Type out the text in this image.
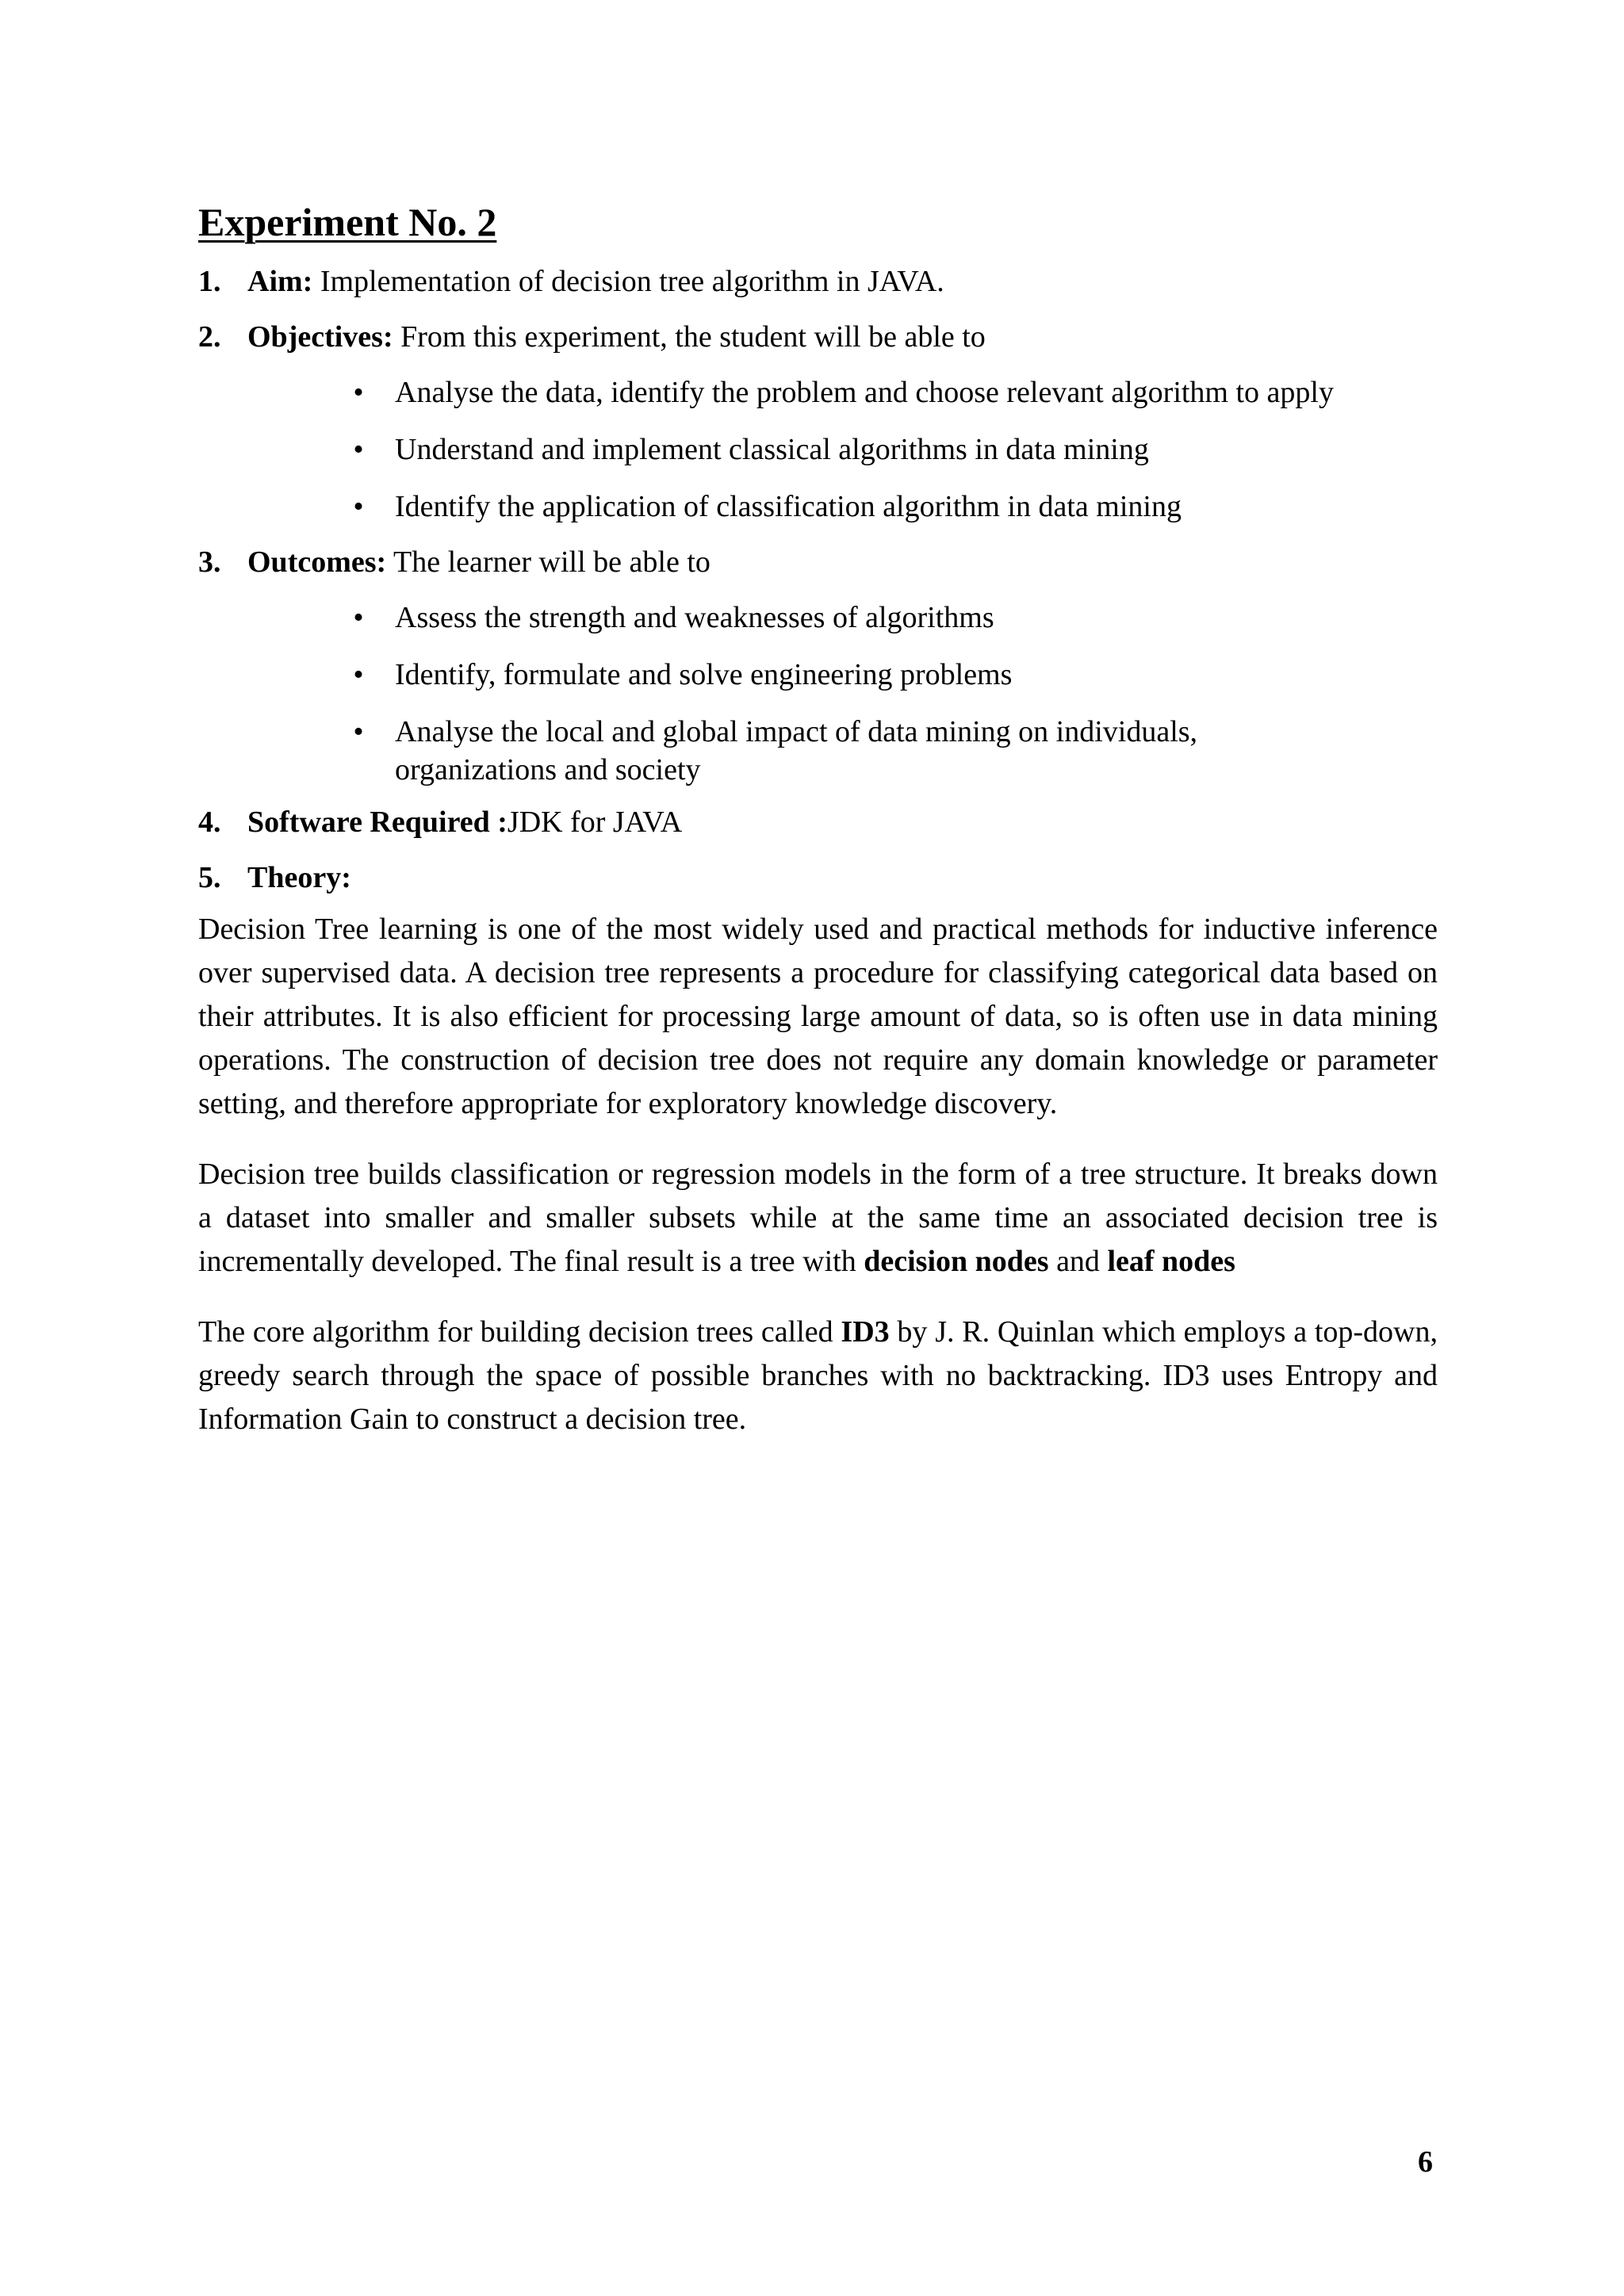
Experiment No. 2
1. Aim: Implementation of decision tree algorithm in JAVA.
2. Objectives: From this experiment, the student will be able to
• Analyse the data, identify the problem and choose relevant algorithm to apply
• Understand and implement classical algorithms in data mining
• Identify the application of classification algorithm in data mining
3. Outcomes: The learner will be able to
• Assess the strength and weaknesses of algorithms
• Identify, formulate and solve engineering problems
• Analyse the local and global impact of data mining on individuals, organizations and society
4. Software Required :JDK for JAVA
5. Theory:

Decision Tree learning is one of the most widely used and practical methods for inductive inference over supervised data. A decision tree represents a procedure for classifying categorical data based on their attributes. It is also efficient for processing large amount of data, so is often use in data mining operations. The construction of decision tree does not require any domain knowledge or parameter setting, and therefore appropriate for exploratory knowledge discovery.

Decision tree builds classification or regression models in the form of a tree structure. It breaks down a dataset into smaller and smaller subsets while at the same time an associated decision tree is incrementally developed. The final result is a tree with decision nodes and leaf nodes

The core algorithm for building decision trees called ID3 by J. R. Quinlan which employs a top-down, greedy search through the space of possible branches with no backtracking. ID3 uses Entropy and Information Gain to construct a decision tree.

6
